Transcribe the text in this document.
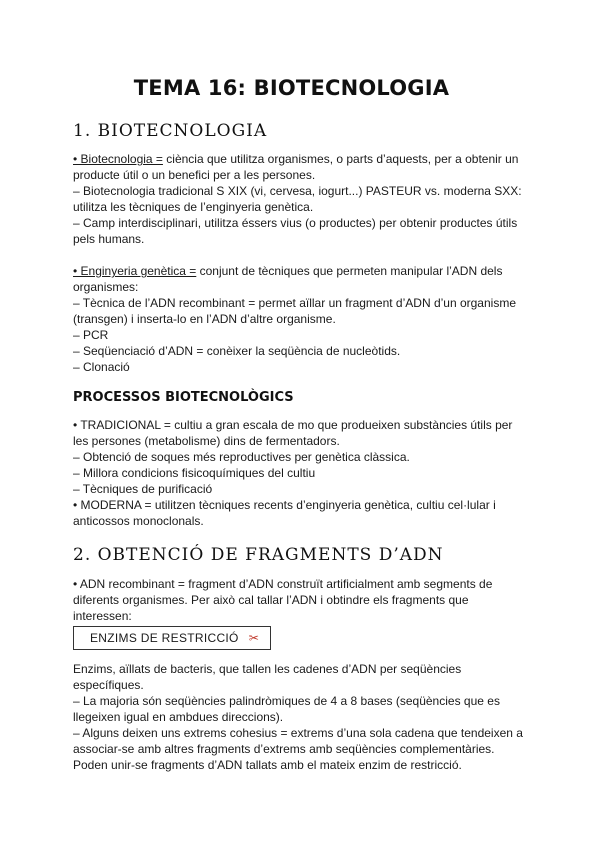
TEMA 16: BIOTECNOLOGIA
1. BIOTECNOLOGIA
• Biotecnologia = ciència que utilitza organismes, o parts d’aquests, per a obtenir un
producte útil o un benefici per a les persones.
– Biotecnologia tradicional S XIX (vi, cervesa, iogurt...) PASTEUR vs. moderna SXX:
utilitza les tècniques de l’enginyeria genètica.
– Camp interdisciplinari, utilitza éssers vius (o productes) per obtenir productes útils
pels humans.
• Enginyeria genètica = conjunt de tècniques que permeten manipular l’ADN dels
organismes:
– Tècnica de l’ADN recombinant = permet aïllar un fragment d’ADN d’un organisme
(transgen) i inserta-lo en l’ADN d’altre organisme.
– PCR
– Seqüenciació d’ADN = conèixer la seqüència de nucleòtids.
– Clonació
PROCESSOS BIOTECNOLÒGICS
• TRADICIONAL = cultiu a gran escala de mo que produeixen substàncies útils per
les persones (metabolisme) dins de fermentadors.
– Obtenció de soques més reproductives per genètica clàssica.
– Millora condicions fisicoquímiques del cultiu
– Tècniques de purificació
• MODERNA = utilitzen tècniques recents d’enginyeria genètica, cultiu cel·lular i
anticossos monoclonals.
2. OBTENCIÓ DE FRAGMENTS D’ADN
• ADN recombinant = fragment d’ADN construït artificialment amb segments de
diferents organismes. Per això cal tallar l’ADN i obtindre els fragments que
interessen:
ENZIMS DE RESTRICCIÓ ✂
Enzims, aïllats de bacteris, que tallen les cadenes d’ADN per seqüències
específiques.
– La majoria són seqüències palindròmiques de 4 a 8 bases (seqüències que es
llegeixen igual en ambdues direccions).
– Alguns deixen uns extrems cohesius = extrems d’una sola cadena que tendeixen a
associar-se amb altres fragments d’extrems amb seqüències complementàries.
Poden unir-se fragments d’ADN tallats amb el mateix enzim de restricció.
